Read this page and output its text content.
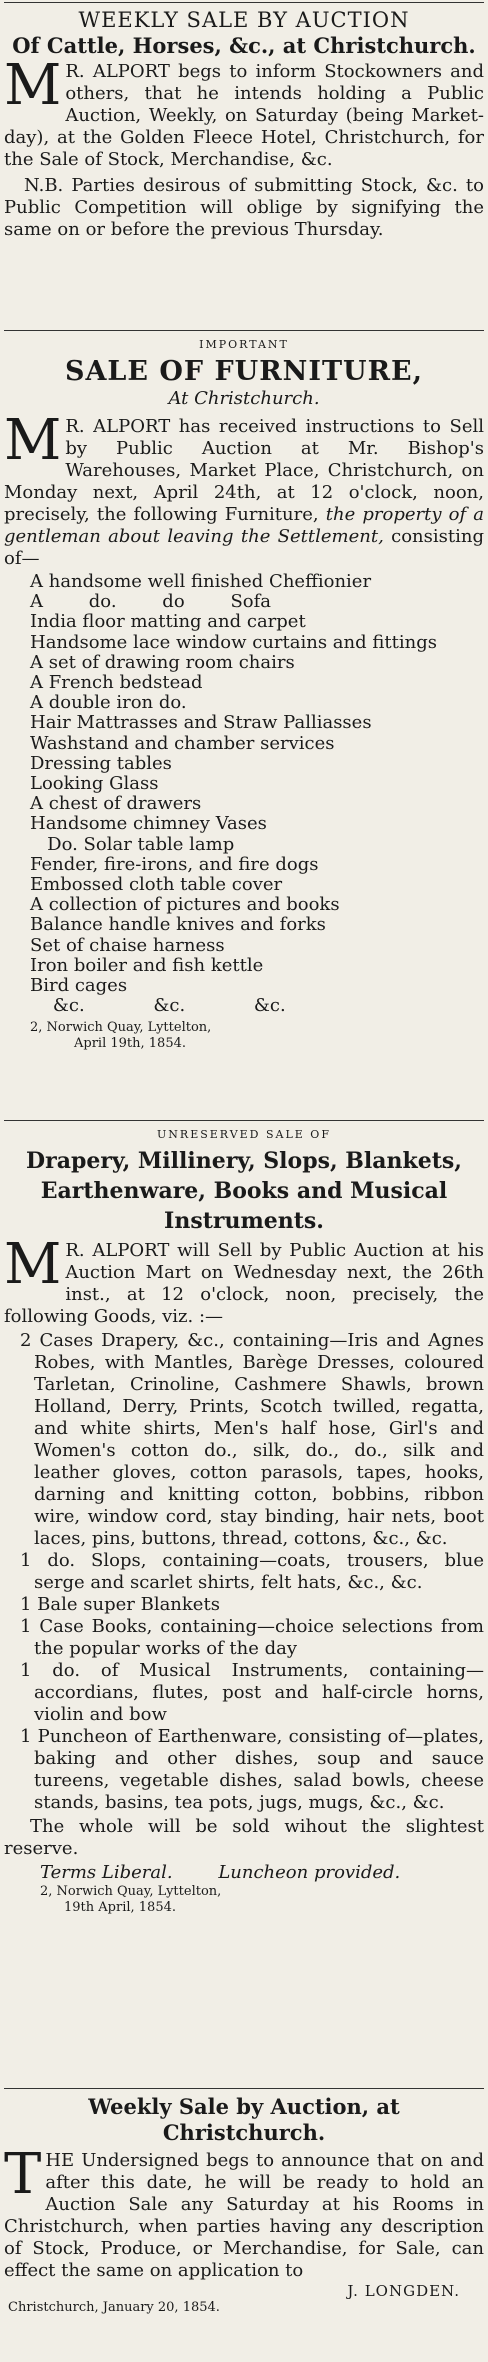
WEEKLY SALE BY AUCTION
Of Cattle, Horses, &c., at Christchurch.
M R. ALPORT begs to inform Stockowners and others, that he intends holding a Public Auction, Weekly, on Saturday (being Market-day), at the Golden Fleece Hotel, Christchurch, for the Sale of Stock, Merchandise, &c.

N.B. Parties desirous of submitting Stock, &c. to Public Competition will oblige by signifying the same on or before the previous Thursday.

IMPORTANT
SALE OF FURNITURE,
At Christchurch.
M R. ALPORT has received instructions to Sell by Public Auction at Mr. Bishop's Warehouses, Market Place, Christchurch, on Monday next, April 24th, at 12 o'clock, noon, precisely, the following Furniture, the property of a gentleman about leaving the Settlement, consisting of—

A handsome well finished Cheffionier
A        do.        do        Sofa
India floor matting and carpet
Handsome lace window curtains and fittings
A set of drawing room chairs
A French bedstead
A double iron do.
Hair Mattrasses and Straw Palliasses
Washstand and chamber services
Dressing tables
Looking Glass
A chest of drawers
Handsome chimney Vases
Do. Solar table lamp
Fender, fire-irons, and fire dogs
Embossed cloth table cover
A collection of pictures and books
Balance handle knives and forks
Set of chaise harness
Iron boiler and fish kettle
Bird cages
&c.            &c.            &c.
2, Norwich Quay, Lyttelton,
April 19th, 1854.
UNRESERVED SALE OF
Drapery, Millinery, Slops, Blankets, Earthenware, Books and Musical Instruments.
M R. ALPORT will Sell by Public Auction at his Auction Mart on Wednesday next, the 26th inst., at 12 o'clock, noon, precisely, the following Goods, viz. :—

2 Cases Drapery, &c., containing—Iris and Agnes Robes, with Mantles, Barège Dresses, coloured Tarletan, Crinoline, Cashmere Shawls, brown Holland, Derry, Prints, Scotch twilled, regatta, and white shirts, Men's half hose, Girl's and Women's cotton do., silk, do., do., silk and leather gloves, cotton parasols, tapes, hooks, darning and knitting cotton, bobbins, ribbon wire, window cord, stay binding, hair nets, boot laces, pins, buttons, thread, cottons, &c., &c.
1 do. Slops, containing—coats, trousers, blue serge and scarlet shirts, felt hats, &c., &c.
1 Bale super Blankets
1 Case Books, containing—choice selections from the popular works of the day
1 do. of Musical Instruments, containing—accordians, flutes, post and half-circle horns, violin and bow
1 Puncheon of Earthenware, consisting of—plates, baking and other dishes, soup and sauce tureens, vegetable dishes, salad bowls, cheese stands, basins, tea pots, jugs, mugs, &c., &c.

The whole will be sold wihout the slightest reserve.

Terms Liberal.	Luncheon provided.
2, Norwich Quay, Lyttelton,
19th April, 1854.
Weekly Sale by Auction, at Christchurch.
T HE Undersigned begs to announce that on and after this date, he will be ready to hold an Auction Sale any Saturday at his Rooms in Christchurch, when parties having any description of Stock, Produce, or Merchandise, for Sale, can effect the same on application to

J. LONGDEN.
Christchurch, January 20, 1854.
